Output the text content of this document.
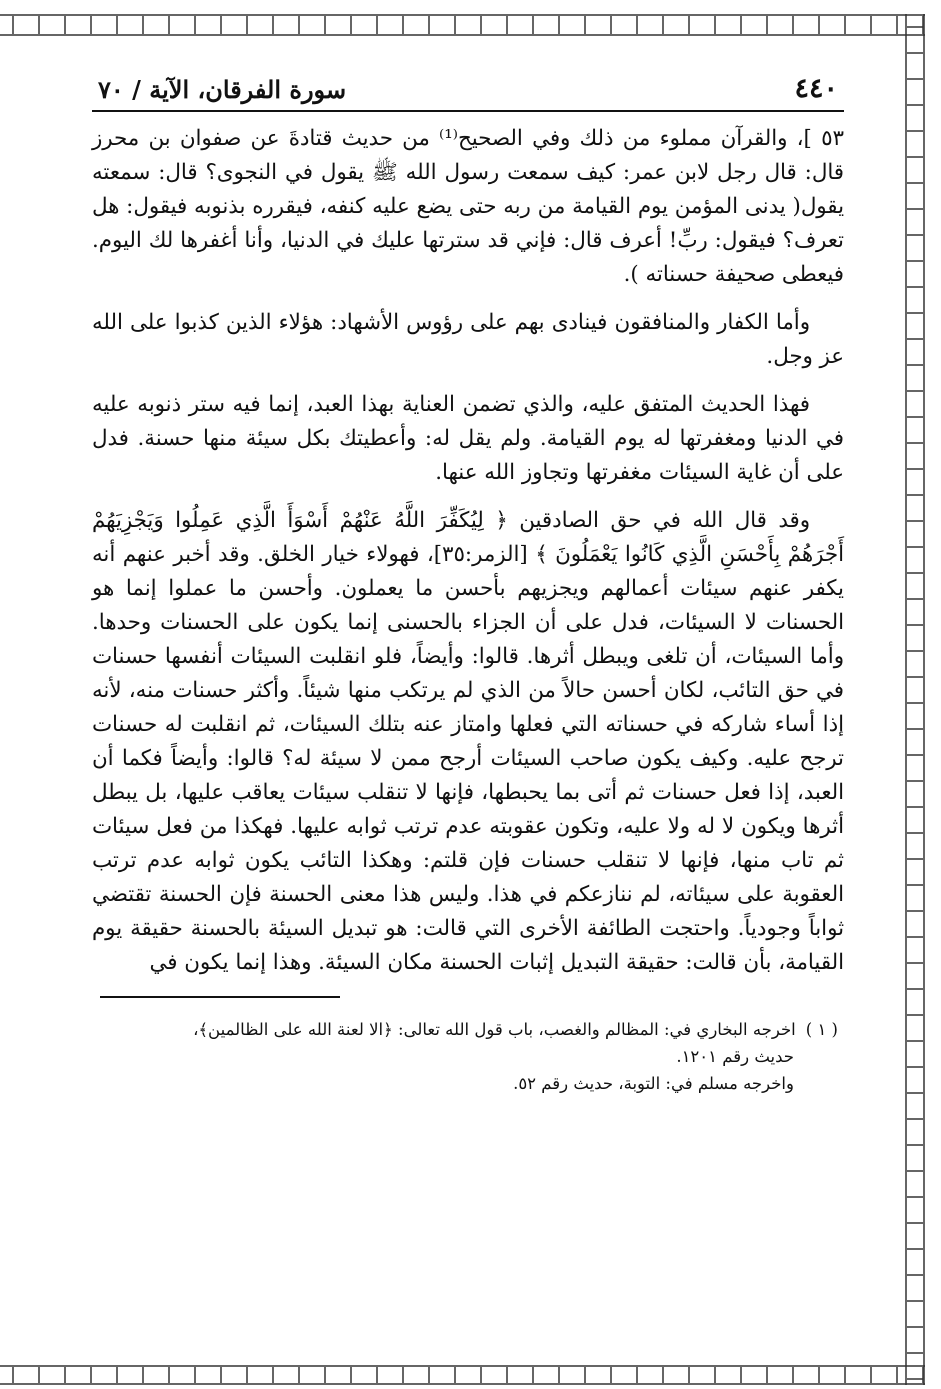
٤٤٠
سورة الفرقان، الآية / ٧٠

٥٣ ]، والقرآن مملوء من ذلك وفي الصحيح⁽¹⁾ من حديث قتادةَ عن صفوان بن محرز قال: قال رجل لابن عمر: كيف سمعت رسول الله ﷺ يقول في النجوى؟ قال: سمعته يقول( يدنى المؤمن يوم القيامة من ربه حتى يضع عليه كنفه، فيقرره بذنوبه فيقول: هل تعرف؟ فيقول: ربِّ! أعرف قال: فإني قد سترتها عليك في الدنيا، وأنا أغفرها لك اليوم. فيعطى صحيفة حسناته ).

وأما الكفار والمنافقون فينادى بهم على رؤوس الأشهاد: هؤلاء الذين كذبوا على الله عز وجل.

فهذا الحديث المتفق عليه، والذي تضمن العناية بهذا العبد، إنما فيه ستر ذنوبه عليه في الدنيا ومغفرتها له يوم القيامة. ولم يقل له: وأعطيتك بكل سيئة منها حسنة. فدل على أن غاية السيئات مغفرتها وتجاوز الله عنها.

وقد قال الله في حق الصادقين ﴿ لِيُكَفِّرَ اللَّهُ عَنْهُمْ أَسْوَأَ الَّذِي عَمِلُوا وَيَجْزِيَهُمْ أَجْرَهُمْ بِأَحْسَنِ الَّذِي كَانُوا يَعْمَلُونَ ﴾ [الزمر:٣٥]، فهولاء خيار الخلق. وقد أخبر عنهم أنه يكفر عنهم سيئات أعمالهم ويجزيهم بأحسن ما يعملون. وأحسن ما عملوا إنما هو الحسنات لا السيئات، فدل على أن الجزاء بالحسنى إنما يكون على الحسنات وحدها. وأما السيئات، أن تلغى ويبطل أثرها. قالوا: وأيضاً، فلو انقلبت السيئات أنفسها حسنات في حق التائب، لكان أحسن حالاً من الذي لم يرتكب منها شيئاً. وأكثر حسنات منه، لأنه إذا أساء شاركه في حسناته التي فعلها وامتاز عنه بتلك السيئات، ثم انقلبت له حسنات ترجح عليه. وكيف يكون صاحب السيئات أرجح ممن لا سيئة له؟ قالوا: وأيضاً فكما أن العبد، إذا فعل حسنات ثم أتى بما يحبطها، فإنها لا تنقلب سيئات يعاقب عليها، بل يبطل أثرها ويكون لا له ولا عليه، وتكون عقوبته عدم ترتب ثوابه عليها. فهكذا من فعل سيئات ثم تاب منها، فإنها لا تنقلب حسنات فإن قلتم: وهكذا التائب يكون ثوابه عدم ترتب العقوبة على سيئاته، لم ننازعكم في هذا. وليس هذا معنى الحسنة فإن الحسنة تقتضي ثواباً وجودياً. واحتجت الطائفة الأخرى التي قالت: هو تبديل السيئة بالحسنة حقيقة يوم القيامة، بأن قالت: حقيقة التبديل إثبات الحسنة مكان السيئة. وهذا إنما يكون في

( ١ )
اخرجه البخاري في: المظالم والغصب، باب قول الله تعالى: ﴿الا لعنة الله على الظالمين﴾،
حديث رقم ١٢٠١.
واخرجه مسلم في: التوبة، حديث رقم ٥٢.
